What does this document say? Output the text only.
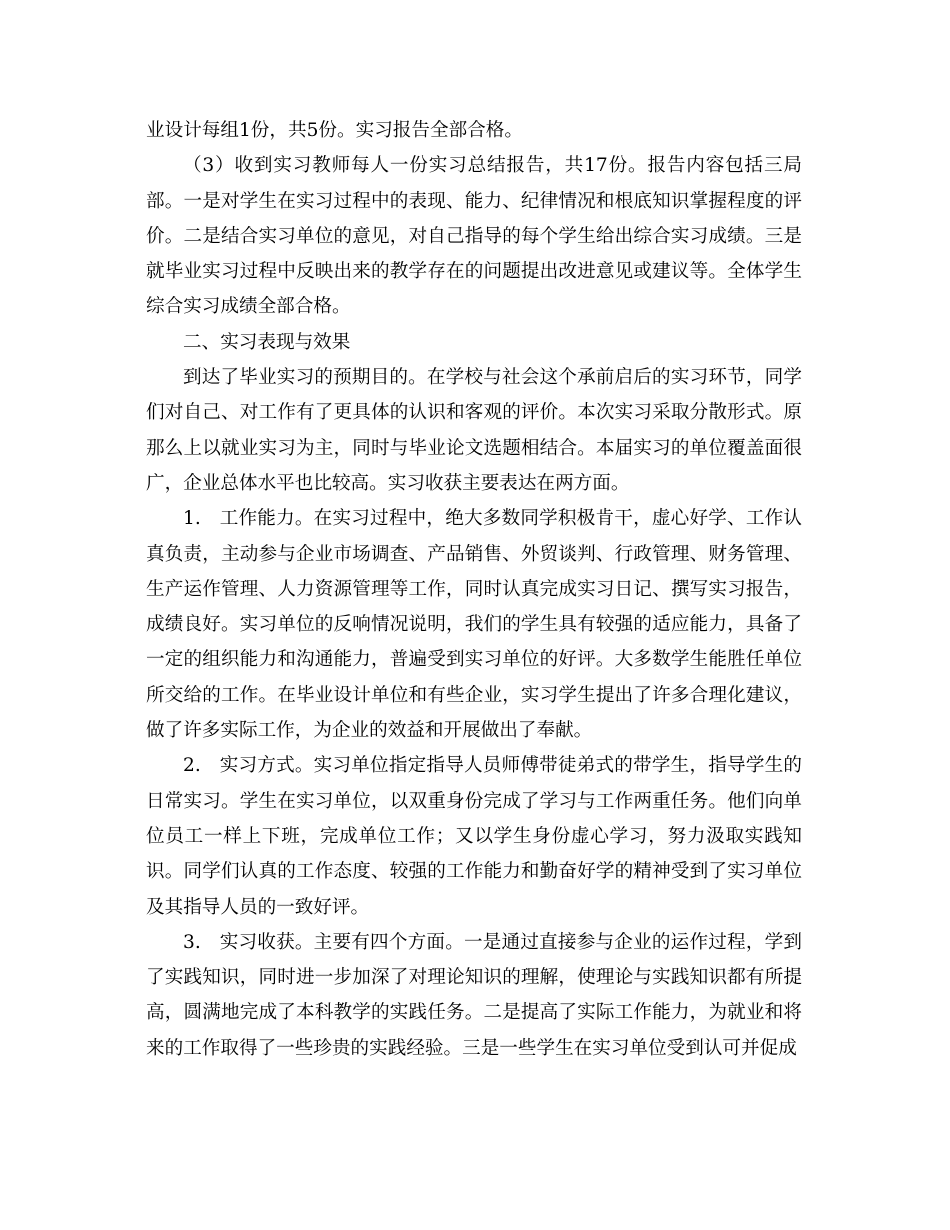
业设计每组1份，共5份。实习报告全部合格。

（3）收到实习教师每人一份实习总结报告，共17份。报告内容包括三局部。一是对学生在实习过程中的表现、能力、纪律情况和根底知识掌握程度的评价。二是结合实习单位的意见，对自己指导的每个学生给出综合实习成绩。三是就毕业实习过程中反映出来的教学存在的问题提出改进意见或建议等。全体学生综合实习成绩全部合格。

二、实习表现与效果

到达了毕业实习的预期目的。在学校与社会这个承前启后的实习环节，同学们对自己、对工作有了更具体的认识和客观的评价。本次实习采取分散形式。原那么上以就业实习为主，同时与毕业论文选题相结合。本届实习的单位覆盖面很广，企业总体水平也比较高。实习收获主要表达在两方面。

1.　工作能力。在实习过程中，绝大多数同学积极肯干，虚心好学、工作认真负责，主动参与企业市场调查、产品销售、外贸谈判、行政管理、财务管理、生产运作管理、人力资源管理等工作，同时认真完成实习日记、撰写实习报告，成绩良好。实习单位的反响情况说明，我们的学生具有较强的适应能力，具备了一定的组织能力和沟通能力，普遍受到实习单位的好评。大多数学生能胜任单位所交给的工作。在毕业设计单位和有些企业，实习学生提出了许多合理化建议，做了许多实际工作，为企业的效益和开展做出了奉献。

2.　实习方式。实习单位指定指导人员师傅带徒弟式的带学生，指导学生的日常实习。学生在实习单位，以双重身份完成了学习与工作两重任务。他们向单位员工一样上下班，完成单位工作；又以学生身份虚心学习，努力汲取实践知识。同学们认真的工作态度、较强的工作能力和勤奋好学的精神受到了实习单位及其指导人员的一致好评。

3.　实习收获。主要有四个方面。一是通过直接参与企业的运作过程，学到了实践知识，同时进一步加深了对理论知识的理解，使理论与实践知识都有所提高，圆满地完成了本科教学的实践任务。二是提高了实际工作能力，为就业和将来的工作取得了一些珍贵的实践经验。三是一些学生在实习单位受到认可并促成
